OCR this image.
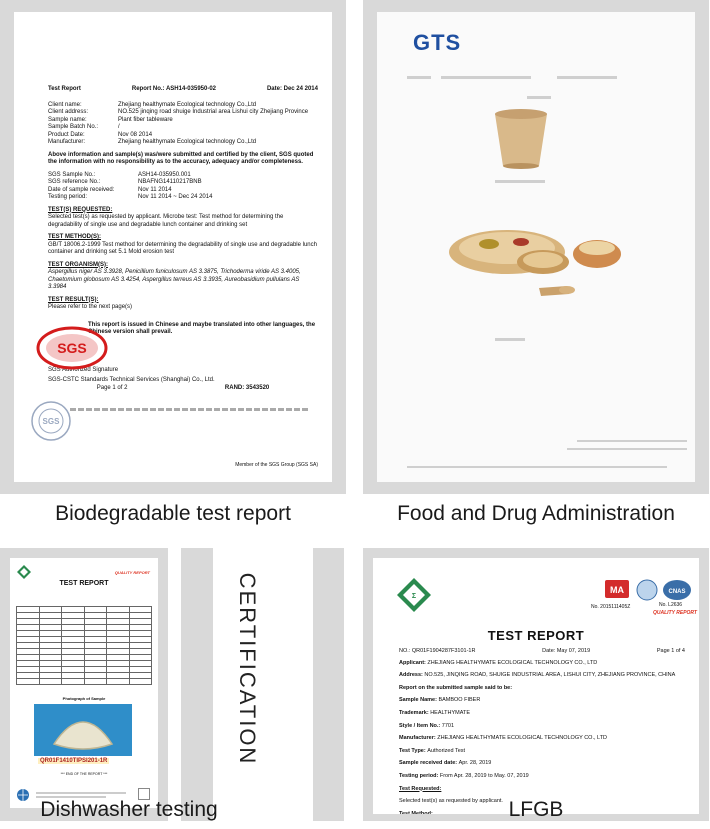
Test Report	Report No.: ASH14-035950-02	Date: Dec 24 2014
Client name:	Zhejiang healthymate Ecological technology Co.,Ltd
Client address:	NO.525 jinqing road shuige Industrial area Lishui city Zhejiang Province
Sample name:	Plant fiber tableware
Sample Batch No.:	/
Product Date:	Nov 08 2014
Manufacturer:	Zhejiang healthymate Ecological technology Co.,Ltd
Above information and sample(s) was/were submitted and certified by the client, SGS quoted the information with no responsibility as to the accuracy, adequacy and/or completeness.
SGS Sample No.:	ASH14-035950.001
SGS reference No.:	NBAFNG14110217BNB
Date of sample received:	Nov 11 2014
Testing period:	Nov 11 2014 ~ Dec 24 2014
TEST(S) REQUESTED:
Selected test(s) as requested by applicant. Microbe test: Test method for determining the degradability of single use and degradable lunch container and drinking set
TEST METHOD(S):
GB/T 18006.2-1999 Test method for determining the degradability of single use and degradable lunch container and drinking set 5.1 Mold erosion test
TEST ORGANISM(S):
Aspergillus niger AS 3.3928, Penicillium funiculosum AS 3.3875, Trichoderma viride AS 3.4005, Chaetomium globosum AS 3.4254, Aspergillus terreus AS 3.3935, Aureobasidium pullulans AS 3.3984
TEST RESULT(S):
Please refer to the next page(s)
This report is issued in Chinese and maybe translated into other languages, the Chinese version shall prevail.
SGS Authorized Signature
SGS-CSTC Standards Technical Services (Shanghai) Co., Ltd.
Page 1 of 2	RAND: 3543520
Member of the SGS Group (SGS SA)
SGS
SGS
GTS
Biodegradable test report	Food and Drug Administration
QUALITY REPORT
TEST REPORT

Photograph of Sample
QR01F1410TIPSI201-1R
*** END OF THE REPORT ***
CERTIFICATION	Σ
MA	CNAS
No. 2015111405Z	No. L2636
QUALITY REPORT
TEST REPORT
NO.: QR01F1904287F3101-1R	Date: May 07, 2019	Page 1 of 4

Applicant: ZHEJIANG HEALTHYMATE ECOLOGICAL TECHNOLOGY CO., LTD

Address: NO.525, JINQING ROAD, SHUIGE INDUSTRIAL AREA, LISHUI CITY, ZHEJIANG PROVINCE, CHINA

Report on the submitted sample said to be:

Sample Name: BAMBOO FIBER

Trademark: HEALTHYMATE

Style / Item No.: 7701

Manufacturer: ZHEJIANG HEALTHYMATE ECOLOGICAL TECHNOLOGY CO., LTD

Test Type: Authorized Test

Sample received date: Apr. 28, 2019

Testing period: From Apr. 28, 2019 to May. 07, 2019

Test Requested:

Selected test(s) as requested by applicant.

Test Method:

Dishwasher testing	LFGB
